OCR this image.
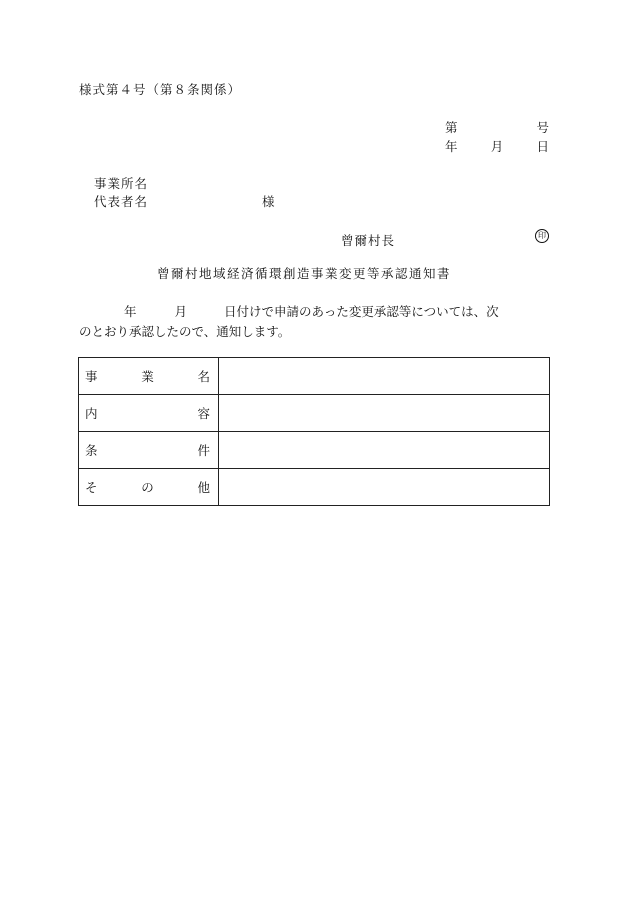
様式第４号（第８条関係）
第	号
年	月	日
事業所名
代表者名	様
曾爾村長	印
曾爾村地域経済循環創造事業変更等承認通知書
年	月	日付けで申請のあった変更承認等については、次
のとおり承認したので、通知します。
事 業 名	

内 容	

条 件	

そ の 他	
